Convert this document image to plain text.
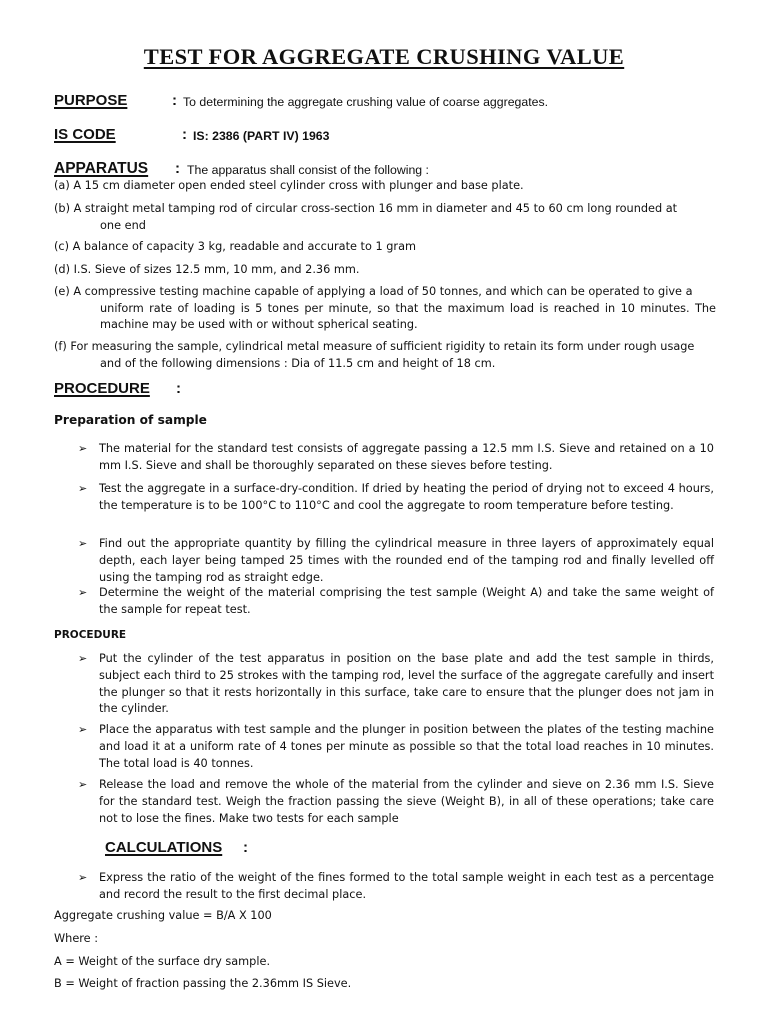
TEST FOR AGGREGATE CRUSHING VALUE
PURPOSE	: To determining the aggregate crushing value of coarse aggregates.
IS CODE	: IS: 2386 (PART IV) 1963
APPARATUS : The apparatus shall consist of the following :
(a) A 15 cm diameter open ended steel cylinder cross with plunger and base plate.
(b) A straight metal tamping rod of circular cross-section 16 mm in diameter and 45 to 60 cm long rounded at
one end
(c) A balance of capacity 3 kg, readable and accurate to 1 gram
(d) I.S. Sieve of sizes 12.5 mm, 10 mm, and 2.36 mm.
(e) A compressive testing machine capable of applying a load of 50 tonnes, and which can be operated to give a
uniform rate of loading is 5 tones per minute, so that the maximum load is reached in 10 minutes. The machine may be used with or without spherical seating.
(f) For measuring the sample, cylindrical metal measure of sufficient rigidity to retain its form under rough usage
and of the following dimensions : Dia of 11.5 cm and height of 18 cm.
PROCEDURE :
Preparation of sample
➢ The material for the standard test consists of aggregate passing a 12.5 mm I.S. Sieve and retained on a 10 mm I.S. Sieve and shall be thoroughly separated on these sieves before testing.
➢ Test the aggregate in a surface-dry-condition. If dried by heating the period of drying not to exceed 4 hours, the temperature is to be 100°C to 110°C and cool the aggregate to room temperature before testing.
➢ Find out the appropriate quantity by filling the cylindrical measure in three layers of approximately equal depth, each layer being tamped 25 times with the rounded end of the tamping rod and finally levelled off using the tamping rod as straight edge.
➢ Determine the weight of the material comprising the test sample (Weight A) and take the same weight of the sample for repeat test.
PROCEDURE
➢ Put the cylinder of the test apparatus in position on the base plate and add the test sample in thirds, subject each third to 25 strokes with the tamping rod, level the surface of the aggregate carefully and insert the plunger so that it rests horizontally in this surface, take care to ensure that the plunger does not jam in the cylinder.
➢ Place the apparatus with test sample and the plunger in position between the plates of the testing machine and load it at a uniform rate of 4 tones per minute as possible so that the total load reaches in 10 minutes. The total load is 40 tonnes.
➢ Release the load and remove the whole of the material from the cylinder and sieve on 2.36 mm I.S. Sieve for the standard test. Weigh the fraction passing the sieve (Weight B), in all of these operations; take care not to lose the fines. Make two tests for each sample
CALCULATIONS :
➢ Express the ratio of the weight of the fines formed to the total sample weight in each test as a percentage and record the result to the first decimal place.
Aggregate crushing value = B/A X 100
Where :
A = Weight of the surface dry sample.
B = Weight of fraction passing the 2.36mm IS Sieve.
